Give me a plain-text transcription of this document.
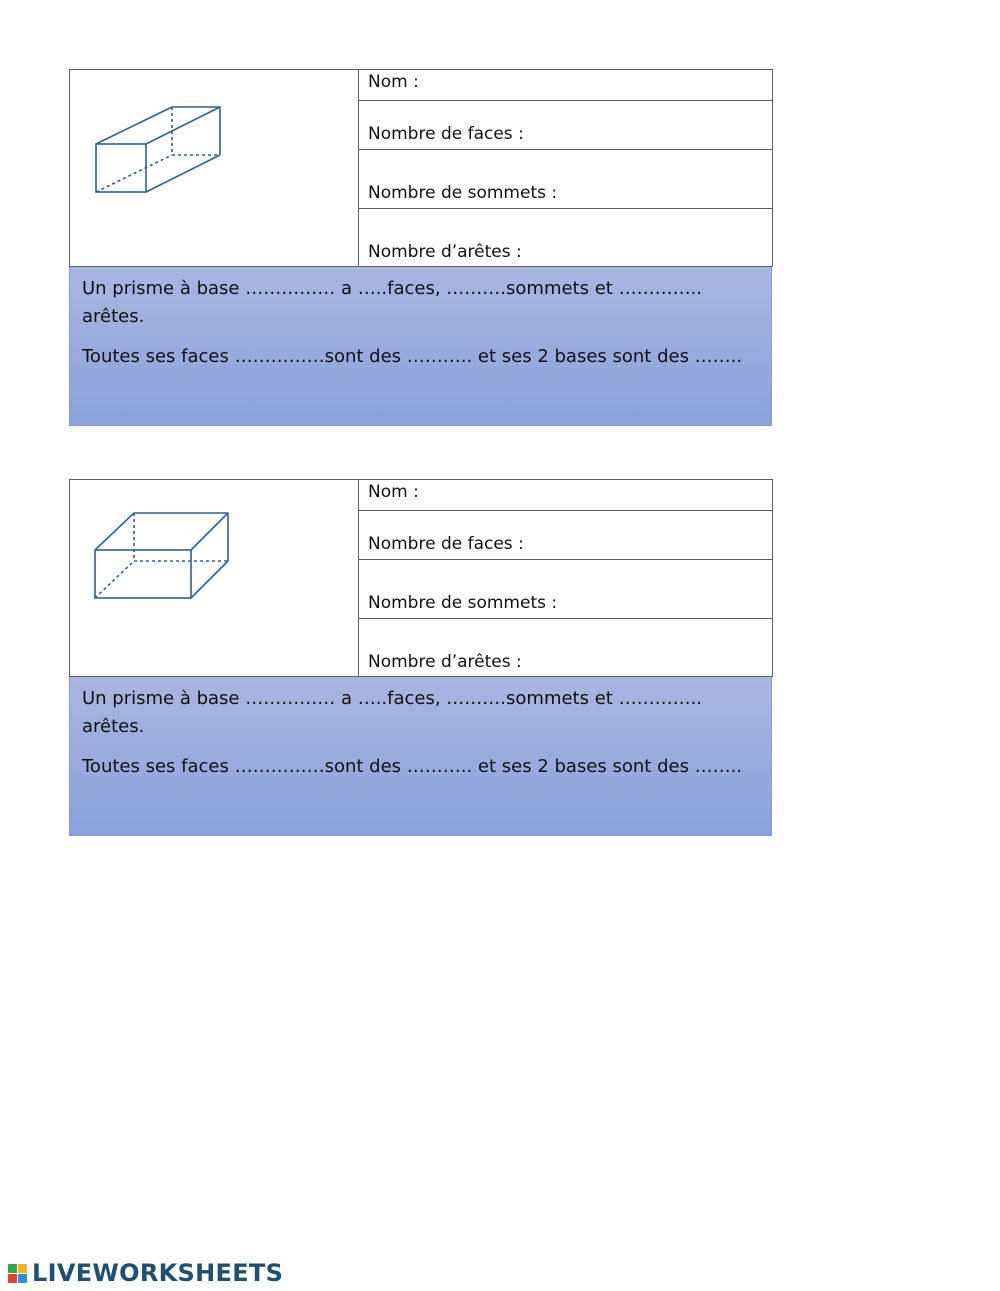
Nom :
Nombre de faces :
Nombre de sommets :
Nombre d’arêtes :

Un prisme à base …………… a …..faces, ……….sommets et ………….. arêtes.

Toutes ses faces ……………sont des ……….. et ses 2 bases sont des ……..

Nom :
Nombre de faces :
Nombre de sommets :
Nombre d’arêtes :

Un prisme à base …………… a …..faces, ……….sommets et ………….. arêtes.

Toutes ses faces ……………sont des ……….. et ses 2 bases sont des ……..

LIVEWORKSHEETS
